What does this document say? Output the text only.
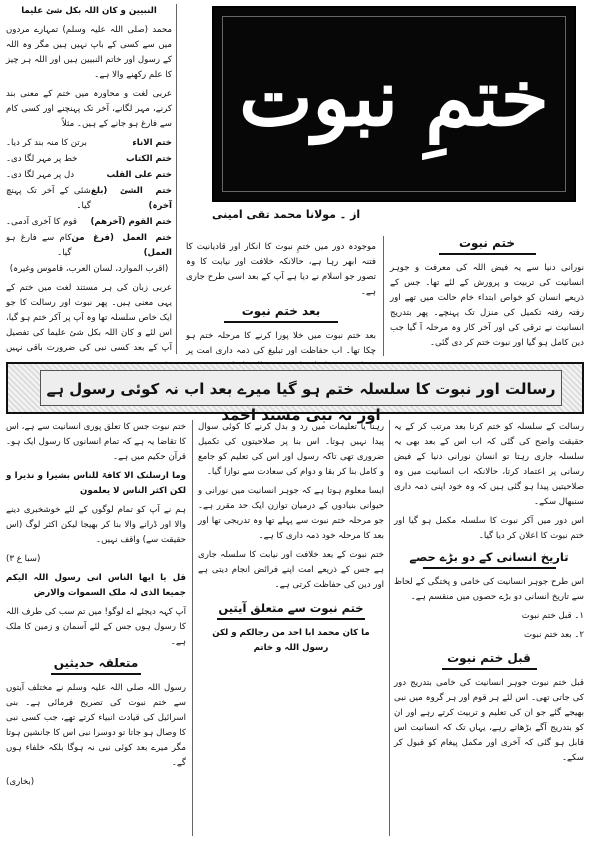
النبیین و کان اللہ بکل شئ علیما

محمد (صلی اللہ علیہ وسلم) تمہارے مردوں میں سے کسی کے باپ نہیں ہیں مگر وہ اللہ کے رسول اور خاتم النبیین ہیں اور اللہ ہر چیز کا علم رکھنے والا ہے۔

عربی لغت و محاورہ میں ختم کے معنی بند کرنے، مہر لگانے، آخر تک پہنچنے اور کسی کام سے فارغ ہو جانے کے ہیں۔ مثلاً

ختم الاناء
برتن کا منہ بند کر دیا۔
ختم الکتاب
خط پر مہر لگا دی۔
ختم علی القلب
دل پر مہر لگا دی۔
ختم الشئ (بلغ آخرہ)
شئی کے آخر تک پہنچ گیا۔
ختم القوم (آخرھم)
قوم کا آخری آدمی۔
ختم العمل (فرغ من العمل)
کام سے فارغ ہو گیا۔

(اقرب الموارد، لسان العرب، قاموس وغیرہ)

عربی زبان کی ہر مستند لغت میں ختم کے یہی معنی ہیں۔ پھر نبوت اور رسالت کا جو ایک خاص سلسلہ تھا وہ آپ پر آکر ختم ہو گیا، اس لئے و کان اللہ بکل شئ علیما کی تفصیل آپ کے بعد کسی نبی کی ضرورت باقی نہیں

ختمِ نبوت
از ۔ مولانا محمد تقی امینی

موجودہ دور میں ختمِ نبوت کا انکار اور قادیانیت کا فتنہ ابھر رہا ہے، حالانکہ خلافت اور نیابت کا وہ تصور جو اسلام نے دیا ہے آپ کے بعد اسی طرح جاری ہے۔

بعد ختم نبوت

بعد ختم نبوت میں خلا پورا کرنے کا مرحلہ ختم ہو چکا تھا۔ اب حفاظت اور تبلیغ کی ذمہ داری امت پر

ختم نبوت

نورانی دنیا سے یہ فیض اللہ کی معرفت و جوہر انسانیت کی تربیت و پرورش کے لئے تھا۔ جس کے ذریعے انسان کو خواص ابتداء خام حالت میں تھے اور رفتہ رفتہ تکمیل کی منزل تک پہنچے۔ پھر بتدریج انسانیت نے ترقی کی اور آخر کار وہ مرحلہ آ گیا جب دین کامل ہو گیا اور نبوت ختم کر دی گئی۔

رسالت اور نبوت کا سلسلہ ختم ہو گیا میرے بعد اب نہ کوئی رسول ہے اور نہ نبی مسند احمد

رسالت کے سلسلہ کو ختم کرنا بعد مرتب کر کے یہ حقیقت واضح کی گئی کہ اب اس کے بعد بھی یہ سلسلہ جاری رہتا تو انسان نورانی دنیا کے فیض رسانی پر اعتماد کرتا، حالانکہ اب انسانیت میں وہ صلاحیتیں پیدا ہو گئی ہیں کہ وہ خود اپنی ذمہ داری سنبھال سکے۔

اس دور میں آکر نبوت کا سلسلہ مکمل ہو گیا اور ختم نبوت کا اعلان کر دیا گیا۔

تاریخ انسانی کے دو بڑے حصے

اس طرح جوہر انسانیت کی خامی و پختگی کے لحاظ سے تاریخ انسانی دو بڑے حصوں میں منقسم ہے۔

۱۔ قبل ختم نبوت

۲۔ بعد ختم نبوت

قبل ختم نبوت

قبل ختم نبوت جوہر انسانیت کی خامی بتدریج دور کی جاتی تھی۔ اس لئے ہر قوم اور ہر گروہ میں نبی بھیجے گئے جو ان کی تعلیم و تربیت کرتے رہے اور ان کو بتدریج آگے بڑھاتے رہے، یہاں تک کہ انسانیت اس قابل ہو گئی کہ آخری اور مکمل پیغام کو قبول کر سکے۔

رہنا یا تعلیمات میں رد و بدل کرنے کا کوئی سوال پیدا نہیں ہوتا۔ اس بنا پر صلاحیتوں کی تکمیل ضروری تھی تاکہ رسول اور اس کی تعلیم کو جامع و کامل بنا کر بقا و دوام کی سعادت سے نوازا گیا۔

ایسا معلوم ہوتا ہے کہ جوہر انسانیت میں نورانی و حیوانی بنیادوں کے درمیان توازن ایک حد مقرر ہے۔ جو مرحلہ ختم نبوت سے پہلے تھا وہ تدریجی تھا اور بعد کا مرحلہ خود ذمہ داری کا ہے۔

ختم نبوت کے بعد خلافت اور نیابت کا سلسلہ جاری ہے جس کے ذریعے امت اپنے فرائض انجام دیتی ہے اور دین کی حفاظت کرتی ہے۔

ختم نبوت سے متعلق آیتیں

ما کان محمد ابا احد من رجالکم و لکن رسول اللہ و خاتم

ختم نبوت جس کا تعلق پوری انسانیت سے ہے، اس کا تقاضا یہ ہے کہ تمام انسانوں کا رسول ایک ہو۔ قرآن حکیم میں ہے۔

وما ارسلنک الا کافۃ للناس بشیرا و نذیرا و لکن اکثر الناس لا یعلمون

ہم نے آپ کو تمام لوگوں کے لئے خوشخبری دینے والا اور ڈرانے والا بنا کر بھیجا لیکن اکثر لوگ (اس حقیقت سے) واقف نہیں۔

(سبا ع ۳)

قل یا ایھا الناس انی رسول اللہ الیکم جمیعا الذی لہ ملک السموات والارض

آپ کہہ دیجئے اے لوگو! میں تم سب کی طرف اللہ کا رسول ہوں جس کے لئے آسمان و زمین کا ملک ہے۔

متعلقہ حدیثیں

رسول اللہ صلی اللہ علیہ وسلم نے مختلف آیتوں سے ختم نبوت کی تصریح فرمائی ہے۔ بنی اسرائیل کی قیادت انبیاء کرتے تھے، جب کسی نبی کا وصال ہو جاتا تو دوسرا نبی اس کا جانشین ہوتا مگر میرے بعد کوئی نبی نہ ہوگا بلکہ خلفاء ہوں گے۔

(بخاری)
